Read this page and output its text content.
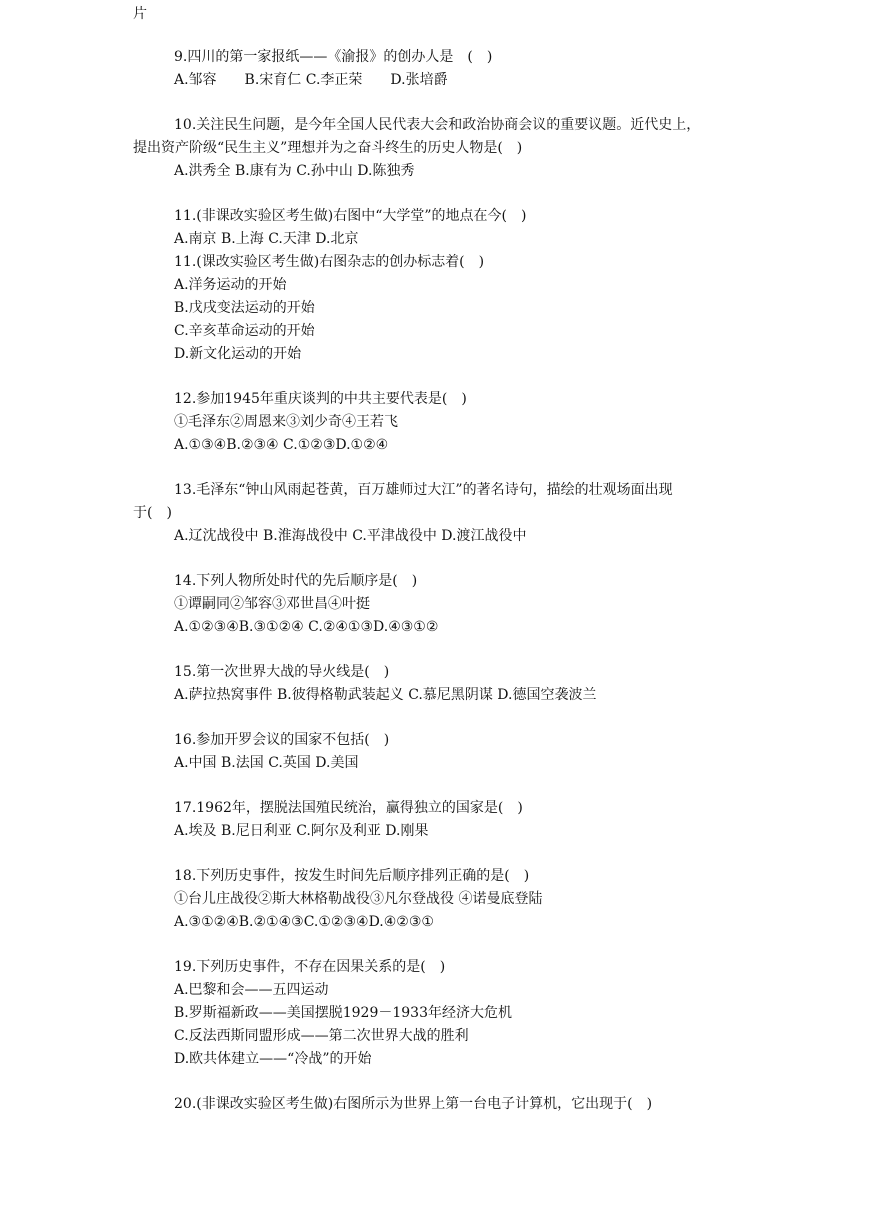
片
9.四川的第一家报纸——《渝报》的创办人是　(　)
A.邹容　　B.宋育仁 C.李正荣　　D.张培爵
10.关注民生问题，是今年全国人民代表大会和政治协商会议的重要议题。近代史上，
提出资产阶级“民生主义”理想并为之奋斗终生的历史人物是(　)
A.洪秀全 B.康有为 C.孙中山 D.陈独秀
11.(非课改实验区考生做)右图中“大学堂”的地点在今(　)
A.南京 B.上海 C.天津 D.北京
11.(课改实验区考生做)右图杂志的创办标志着(　)
A.洋务运动的开始
B.戊戌变法运动的开始
C.辛亥革命运动的开始
D.新文化运动的开始
12.参加1945年重庆谈判的中共主要代表是(　)
①毛泽东②周恩来③刘少奇④王若飞
A.①③④B.②③④ C.①②③D.①②④
13.毛泽东“钟山风雨起苍黄，百万雄师过大江”的著名诗句，描绘的壮观场面出现
于(　)
A.辽沈战役中 B.淮海战役中 C.平津战役中 D.渡江战役中
14.下列人物所处时代的先后顺序是(　)
①谭嗣同②邹容③邓世昌④叶挺
A.①②③④B.③①②④ C.②④①③D.④③①②
15.第一次世界大战的导火线是(　)
A.萨拉热窝事件 B.彼得格勒武装起义 C.慕尼黑阴谋 D.德国空袭波兰
16.参加开罗会议的国家不包括(　)
A.中国 B.法国 C.英国 D.美国
17.1962年，摆脱法国殖民统治，赢得独立的国家是(　)
A.埃及 B.尼日利亚 C.阿尔及利亚 D.刚果
18.下列历史事件，按发生时间先后顺序排列正确的是(　)
①台儿庄战役②斯大林格勒战役③凡尔登战役 ④诺曼底登陆
A.③①②④B.②①④③C.①②③④D.④②③①
19.下列历史事件，不存在因果关系的是(　)
A.巴黎和会——五四运动
B.罗斯福新政——美国摆脱1929－1933年经济大危机
C.反法西斯同盟形成——第二次世界大战的胜利
D.欧共体建立——“冷战”的开始
20.(非课改实验区考生做)右图所示为世界上第一台电子计算机，它出现于(　)
